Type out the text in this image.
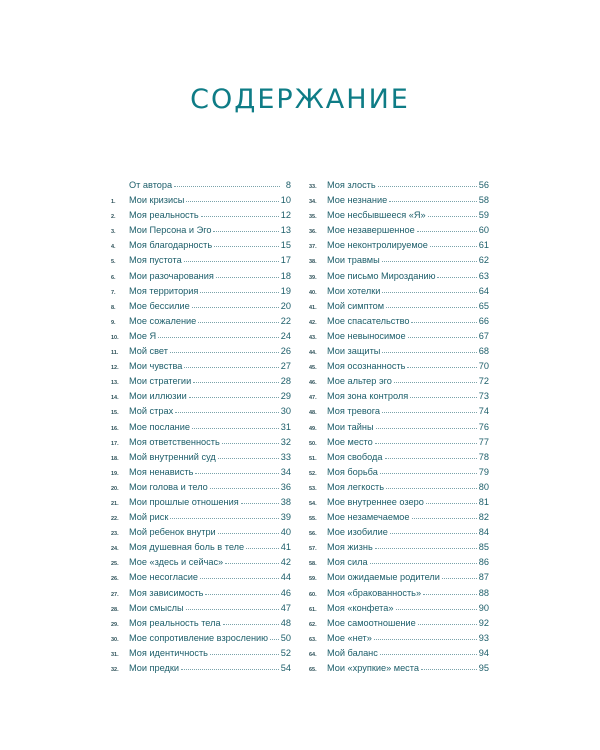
СОДЕРЖАНИЕ
От автора	8
1.	Мои кризисы	10
2.	Моя реальность	12
3.	Мои Персона и Эго	13
4.	Моя благодарность	15
5.	Моя пустота	17
6.	Мои разочарования	18
7.	Моя территория	19
8.	Мое бессилие	20
9.	Мое сожаление	22
10.	Мое Я	24
11.	Мой свет	26
12.	Мои чувства	27
13.	Мои стратегии	28
14.	Мои иллюзии	29
15.	Мой страх	30
16.	Мое послание	31
17.	Моя ответственность	32
18.	Мой внутренний суд	33
19.	Моя ненависть	34
20.	Мои голова и тело	36
21.	Мои прошлые отношения	38
22.	Мой риск	39
23.	Мой ребенок внутри	40
24.	Моя душевная боль в теле	41
25.	Мое «здесь и сейчас»	42
26.	Мое несогласие	44
27.	Моя зависимость	46
28.	Мои смыслы	47
29.	Моя реальность тела	48
30.	Мое сопротивление взрослению 50
31.	Моя идентичность	52
32.	Мои предки	54
33.	Моя злость	56
34.	Мое незнание	58
35.	Мое несбывшееся «Я»	59
36.	Мое незавершенное	60
37.	Мое неконтролируемое	61
38.	Мои травмы	62
39.	Мое письмо Мирозданию	63
40.	Мои хотелки	64
41.	Мой симптом	65
42.	Мое спасательство	66
43.	Мое невыносимое	67
44.	Мои защиты	68
45.	Моя осознанность	70
46.	Мое альтер эго	72
47.	Моя зона контроля	73
48.	Моя тревога	74
49.	Мои тайны	76
50.	Мое место	77
51.	Моя свобода	78
52.	Моя борьба	79
53.	Моя легкость	80
54.	Мое внутреннее озеро	81
55.	Мое незамечаемое	82
56.	Мое изобилие	84
57.	Моя жизнь	85
58.	Моя сила	86
59.	Мои ожидаемые родители	87
60.	Моя «бракованность»	88
61.	Моя «конфета»	90
62.	Мое самоотношение	92
63.	Мое «нет»	93
64.	Мой баланс	94
65.	Мои «хрупкие» места	95
